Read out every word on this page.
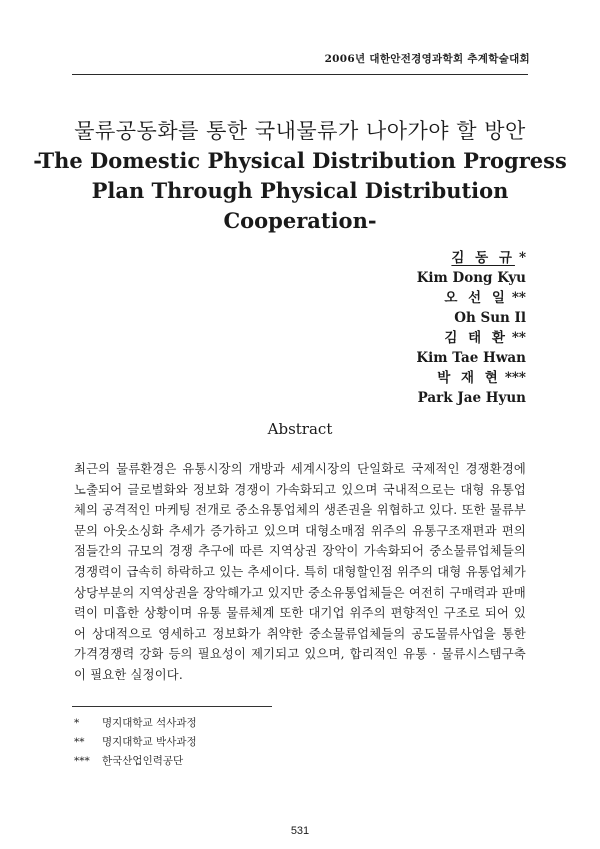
2006년 대한안전경영과학회 추계학술대회
물류공동화를 통한 국내물류가 나아가야 할 방안
-The Domestic Physical Distribution Progress
Plan Through Physical Distribution
Cooperation-
김 동 규 *
Kim Dong Kyu
오 선 일 **
Oh Sun Il
김 태 환 **
Kim Tae Hwan
박 재 현 ***
Park Jae Hyun
Abstract
최근의 물류환경은 유통시장의 개방과 세계시장의 단일화로 국제적인 경쟁환경에 노출되어 글로벌화와 정보화 경쟁이 가속화되고 있으며 국내적으로는 대형 유통업체의 공격적인 마케팅 전개로 중소유통업체의 생존권을 위협하고 있다. 또한 물류부문의 아웃소싱화 추세가 증가하고 있으며 대형소매점 위주의 유통구조재편과 편의점들간의 규모의 경쟁 추구에 따른 지역상권 장악이 가속화되어 중소물류업체들의 경쟁력이 급속히 하락하고 있는 추세이다. 특히 대형할인점 위주의 대형 유통업체가 상당부분의 지역상권을 장악해가고 있지만 중소유통업체들은 여전히 구매력과 판매력이 미흡한 상황이며 유통 물류체계 또한 대기업 위주의 편향적인 구조로 되어 있어 상대적으로 영세하고 정보화가 취약한 중소물류업체들의 공도물류사업을 통한 가격경쟁력 강화 등의 필요성이 제기되고 있으며, 합리적인 유통 · 물류시스템구축이 필요한 실정이다.
*	명지대학교 석사과정
**	명지대학교 박사과정
***	한국산업인력공단
531
